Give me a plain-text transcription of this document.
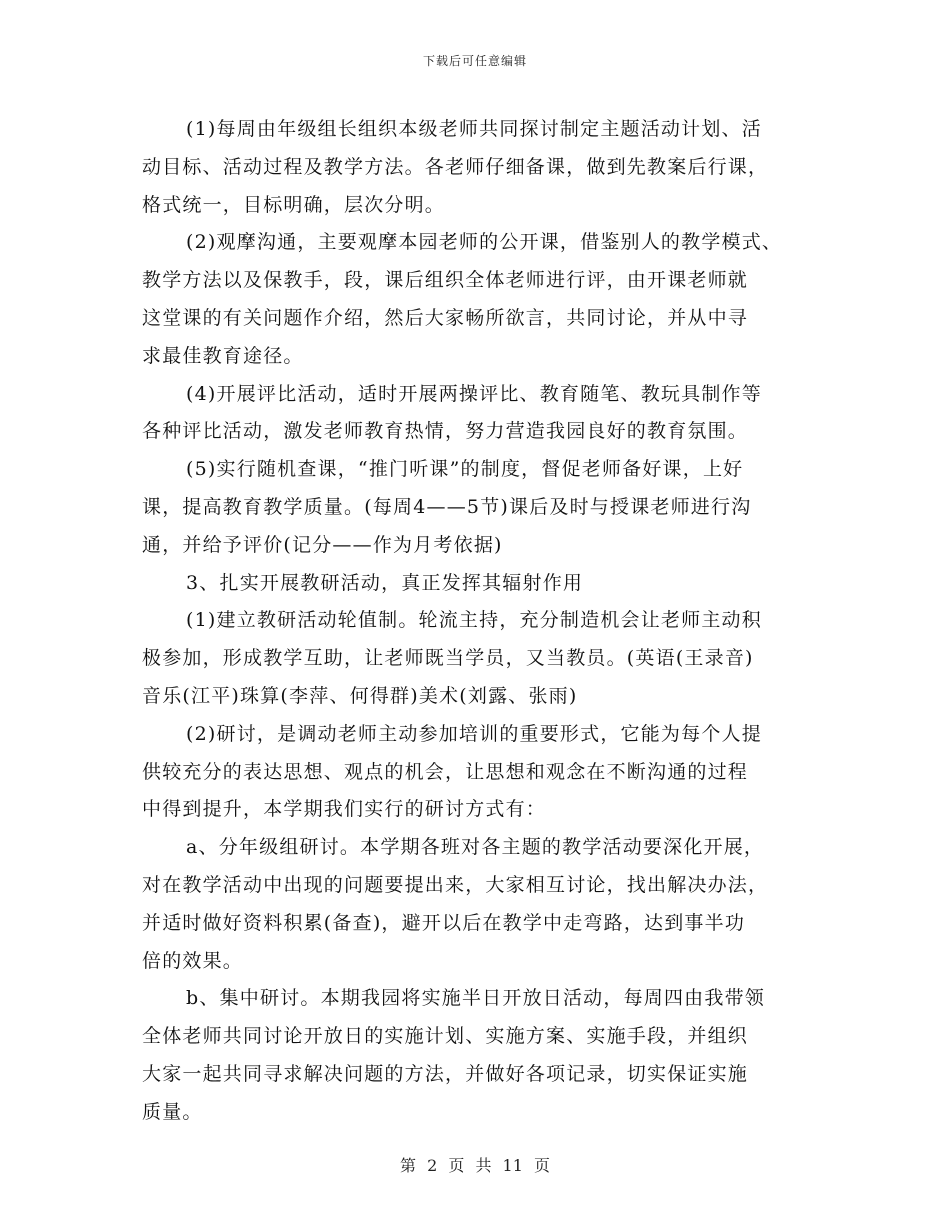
下载后可任意编辑
(1)每周由年级组长组织本级老师共同探讨制定主题活动计划、活
动目标、活动过程及教学方法。各老师仔细备课，做到先教案后行课，
格式统一，目标明确，层次分明。
(2)观摩沟通，主要观摩本园老师的公开课，借鉴别人的教学模式、
教学方法以及保教手，段，课后组织全体老师进行评，由开课老师就
这堂课的有关问题作介绍，然后大家畅所欲言，共同讨论，并从中寻
求最佳教育途径。
(4)开展评比活动，适时开展两操评比、教育随笔、教玩具制作等
各种评比活动，激发老师教育热情，努力营造我园良好的教育氛围。
(5)实行随机查课，“推门听课”的制度，督促老师备好课，上好
课，提高教育教学质量。(每周4——5节)课后及时与授课老师进行沟
通，并给予评价(记分——作为月考依据)
3、扎实开展教研活动，真正发挥其辐射作用
(1)建立教研活动轮值制。轮流主持，充分制造机会让老师主动积
极参加，形成教学互助，让老师既当学员，又当教员。(英语(王录音)
音乐(江平)珠算(李萍、何得群)美术(刘露、张雨)
(2)研讨，是调动老师主动参加培训的重要形式，它能为每个人提
供较充分的表达思想、观点的机会，让思想和观念在不断沟通的过程
中得到提升，本学期我们实行的研讨方式有：
a、分年级组研讨。本学期各班对各主题的教学活动要深化开展，
对在教学活动中出现的问题要提出来，大家相互讨论，找出解决办法，
并适时做好资料积累(备查)，避开以后在教学中走弯路，达到事半功
倍的效果。
b、集中研讨。本期我园将实施半日开放日活动，每周四由我带领
全体老师共同讨论开放日的实施计划、实施方案、实施手段，并组织
大家一起共同寻求解决问题的方法，并做好各项记录，切实保证实施
质量。
第 2 页 共 11 页
